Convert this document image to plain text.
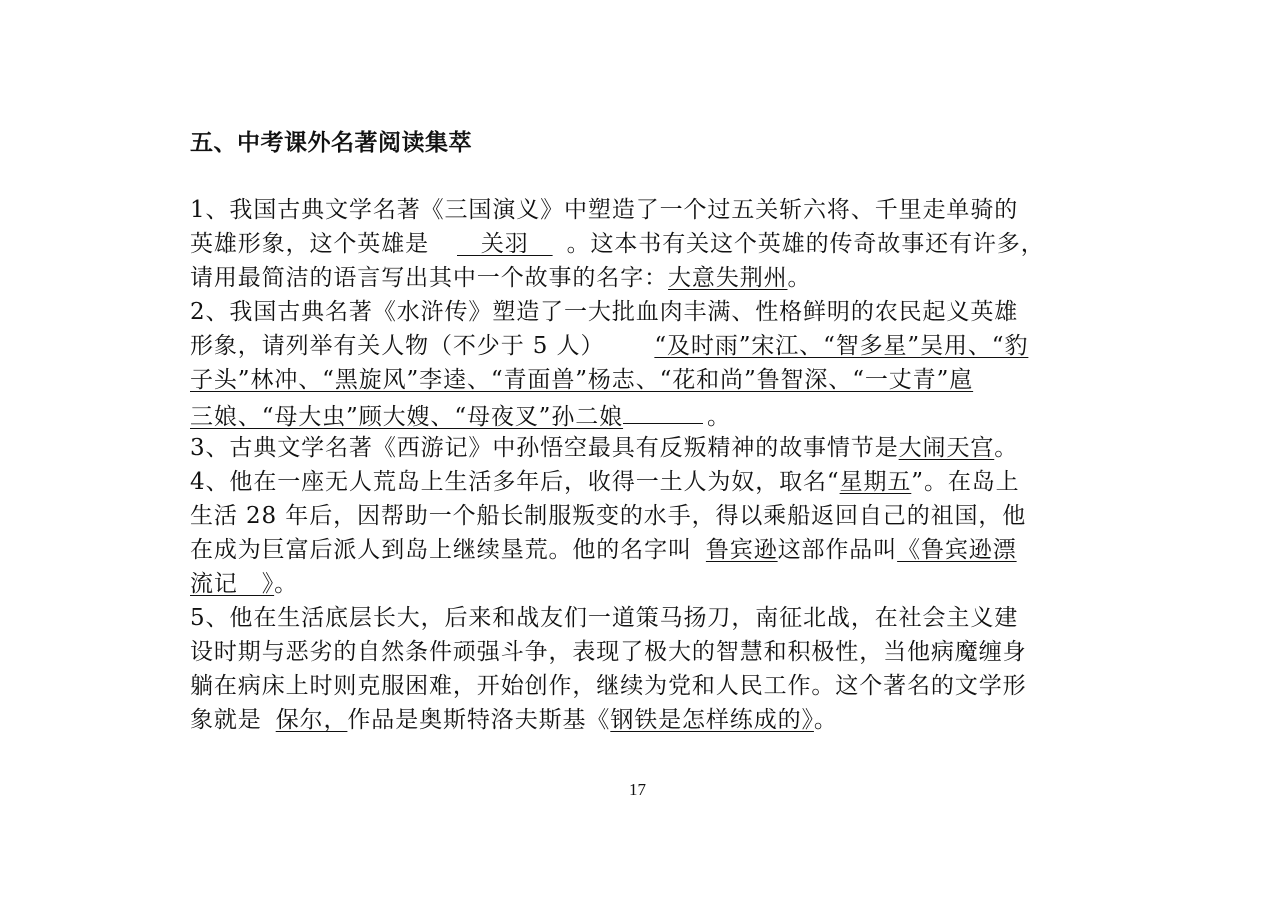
五、中考课外名著阅读集萃
1、我国古典文学名著《三国演义》中塑造了一个过五关斩六将、千里走单骑的
英雄形象，这个英雄是　关羽　。这本书有关这个英雄的传奇故事还有许多，
请用最简洁的语言写出其中一个故事的名字：大意失荆州。
2、我国古典名著《水浒传》塑造了一大批血肉丰满、性格鲜明的农民起义英雄
形象，请列举有关人物（不少于 5 人） “及时雨”宋江、“智多星”吴用、“豹
子头”林冲、“黑旋风”李逵、“青面兽”杨志、“花和尚”鲁智深、“一丈青”扈
三娘、“母大虫”顾大嫂、“母夜叉”孙二娘	。
3、古典文学名著《西游记》中孙悟空最具有反叛精神的故事情节是大闹天宫。
4、他在一座无人荒岛上生活多年后，收得一土人为奴，取名“星期五”。在岛上
生活 28 年后，因帮助一个船长制服叛变的水手，得以乘船返回自己的祖国，他
在成为巨富后派人到岛上继续垦荒。他的名字叫 鲁宾逊这部作品叫《鲁宾逊漂
流记　》。
5、他在生活底层长大，后来和战友们一道策马扬刀，南征北战，在社会主义建
设时期与恶劣的自然条件顽强斗争，表现了极大的智慧和积极性，当他病魔缠身
躺在病床上时则克服困难，开始创作，继续为党和人民工作。这个著名的文学形
象就是 保尔，作品是奥斯特洛夫斯基《钢铁是怎样练成的》。
17
